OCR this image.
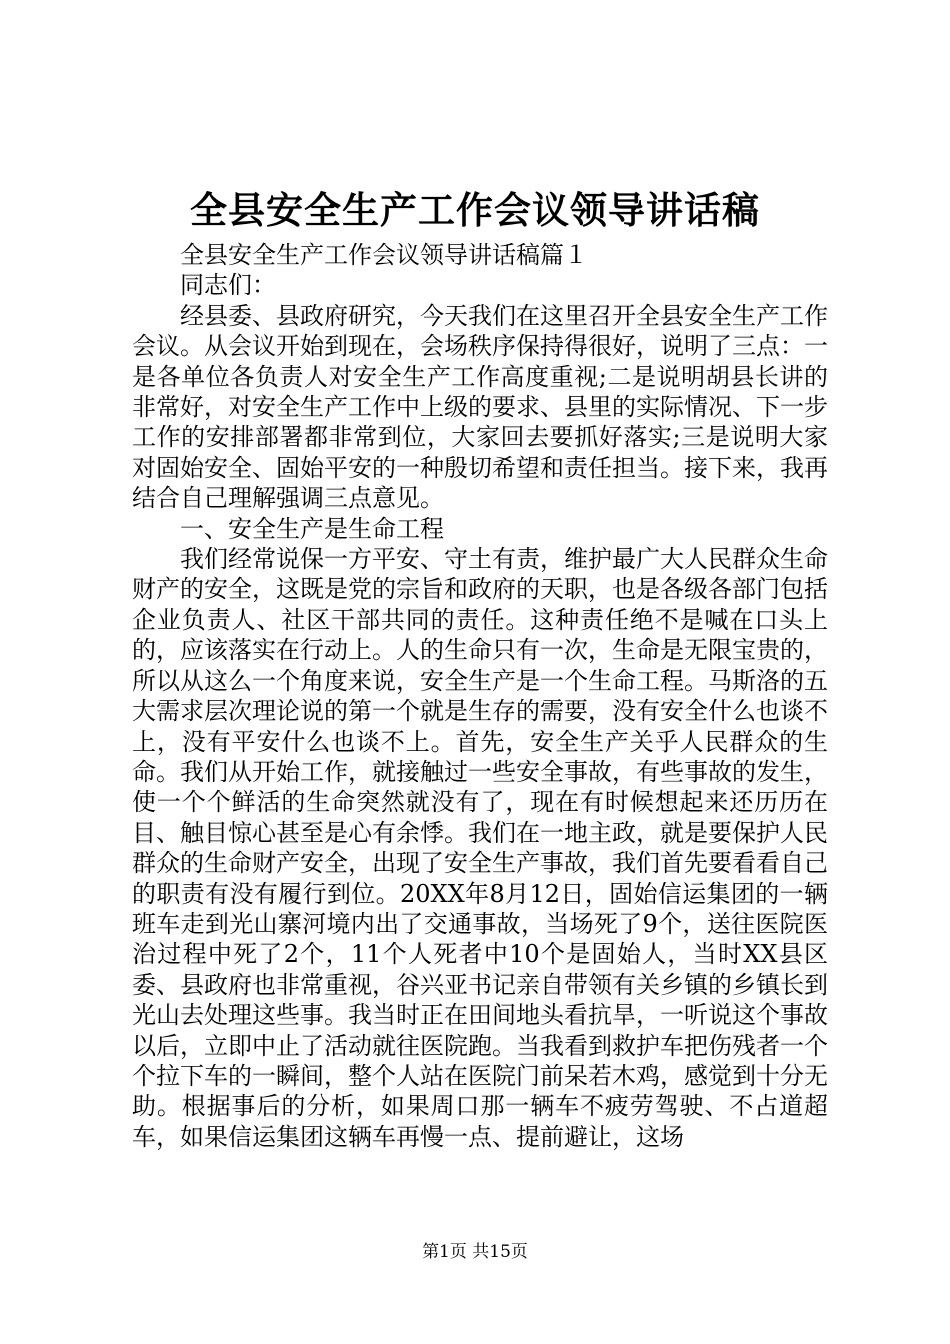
全县安全生产工作会议领导讲话稿

全县安全生产工作会议领导讲话稿篇１

同志们：

经县委、县政府研究，今天我们在这里召开全县安全生产工作会议。从会议开始到现在，会场秩序保持得很好，说明了三点：一是各单位各负责人对安全生产工作高度重视;二是说明胡县长讲的非常好，对安全生产工作中上级的要求、县里的实际情况、下一步工作的安排部署都非常到位，大家回去要抓好落实;三是说明大家对固始安全、固始平安的一种殷切希望和责任担当。接下来，我再结合自己理解强调三点意见。

一、安全生产是生命工程

我们经常说保一方平安、守土有责，维护最广大人民群众生命财产的安全，这既是党的宗旨和政府的天职，也是各级各部门包括企业负责人、社区干部共同的责任。这种责任绝不是喊在口头上的，应该落实在行动上。人的生命只有一次，生命是无限宝贵的，所以从这么一个角度来说，安全生产是一个生命工程。马斯洛的五大需求层次理论说的第一个就是生存的需要，没有安全什么也谈不上，没有平安什么也谈不上。首先，安全生产关乎人民群众的生命。我们从开始工作，就接触过一些安全事故，有些事故的发生，使一个个鲜活的生命突然就没有了，现在有时候想起来还历历在目、触目惊心甚至是心有余悸。我们在一地主政，就是要保护人民群众的生命财产安全，出现了安全生产事故，我们首先要看看自己的职责有没有履行到位。20XX年8月12日，固始信运集团的一辆班车走到光山寨河境内出了交通事故，当场死了9个，送往医院医治过程中死了2个，11个人死者中10个是固始人，当时XX县区委、县政府也非常重视，谷兴亚书记亲自带领有关乡镇的乡镇长到光山去处理这些事。我当时正在田间地头看抗旱，一听说这个事故以后，立即中止了活动就往医院跑。当我看到救护车把伤残者一个个拉下车的一瞬间，整个人站在医院门前呆若木鸡，感觉到十分无助。根据事后的分析，如果周口那一辆车不疲劳驾驶、不占道超车，如果信运集团这辆车再慢一点、提前避让，这场

第1页 共15页
